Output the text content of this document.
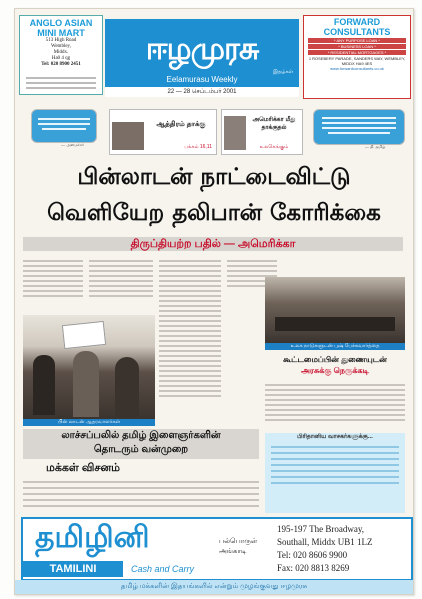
ANGLO ASIAN MINI MART
513 High Road
Wembley,
Middx.
Ha0 4 qg
Tel: 020 8900 2451	ஈழமுரசு
இதழ்கள்
Eelamurasu Weekly
22 — 28 செப்டம்பர் 2001
FORWARD CONSULTANTS
* ANY PURPOSE LOAN *
* BUSINESS LOAN *
* RESIDENTIAL MORTGAGES *
1 ROSEBERY PARADE, SANDERS WAY, WEMBLEY, MIDDX HA9 4ES
www.forwardconsultants.co.uk
— அமைச்சர்
ஆத்திரம் தாக்கு
பக்கம் 16,11
அமெரிக்கா மீது தாக்குதல்
உலகெங்கும்	— தி. தமிழ்
பின்லாடன் நாட்டைவிட்டு
வெளியேற தலிபான் கோரிக்கை
திருப்தியற்ற பதில் — அமெரிக்கா
பின் லாடன் ஆதரவாளர்கள்
லாச்சப்பலில் தமிழ் இளைஞர்களின்
தொடரும் வன்முறை
மக்கள் விசனம்
உலக நாடுகளுடன் புஷ் பேச்சுவார்த்தை
கூட்டமைப்பின் துணையுடன்
அரசுக்கு நெருக்கடி
பிரிதானிய வாசகர்களுக்கு...
தமிழினி
TAMILINI	Cash and Carry
பல்பொருள் அங்காடி
195-197 The Broadway,
Southall, Middx UB1 1LZ
Tel: 020 8606 9900
Fax: 020 8813 8269
தமிழ் மக்களின் இதயங்களில் என்றும் முழங்குவது ஈழமுரசு
